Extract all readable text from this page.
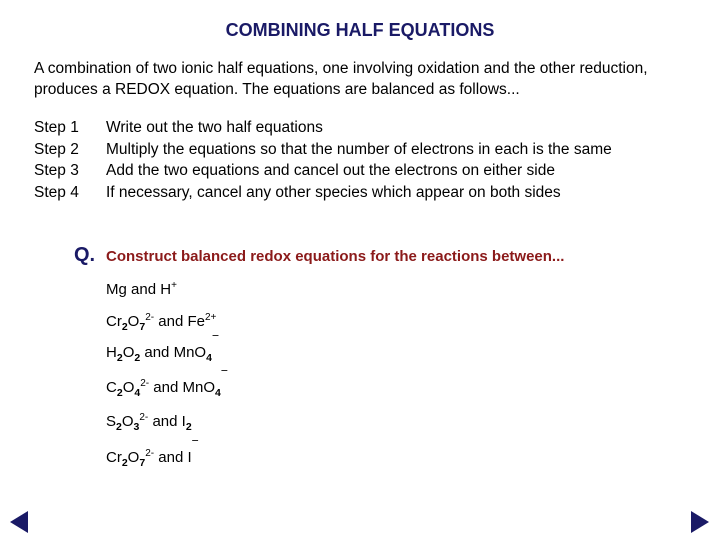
COMBINING HALF EQUATIONS
A combination of two ionic half equations, one involving oxidation and the other reduction, produces a REDOX equation. The equations are balanced as follows...
Step 1 Write out the two half equations
Step 2 Multiply the equations so that the number of electrons in each is the same
Step 3 Add the two equations and cancel out the electrons on either side
Step 4 If necessary, cancel any other species which appear on both sides
Q. Construct balanced redox equations for the reactions between...
Mg and H+
$Cr_2O_7^{2-}$ and $Fe^{2+}$
$H_2O_2$ and MnO$_4$‾
$C_2O_4^{2-}$ and MnO$_4$‾
$S_2O_3^{2-}$ and $I_2$
$Cr_2O_7^{2-}$ and I‾
